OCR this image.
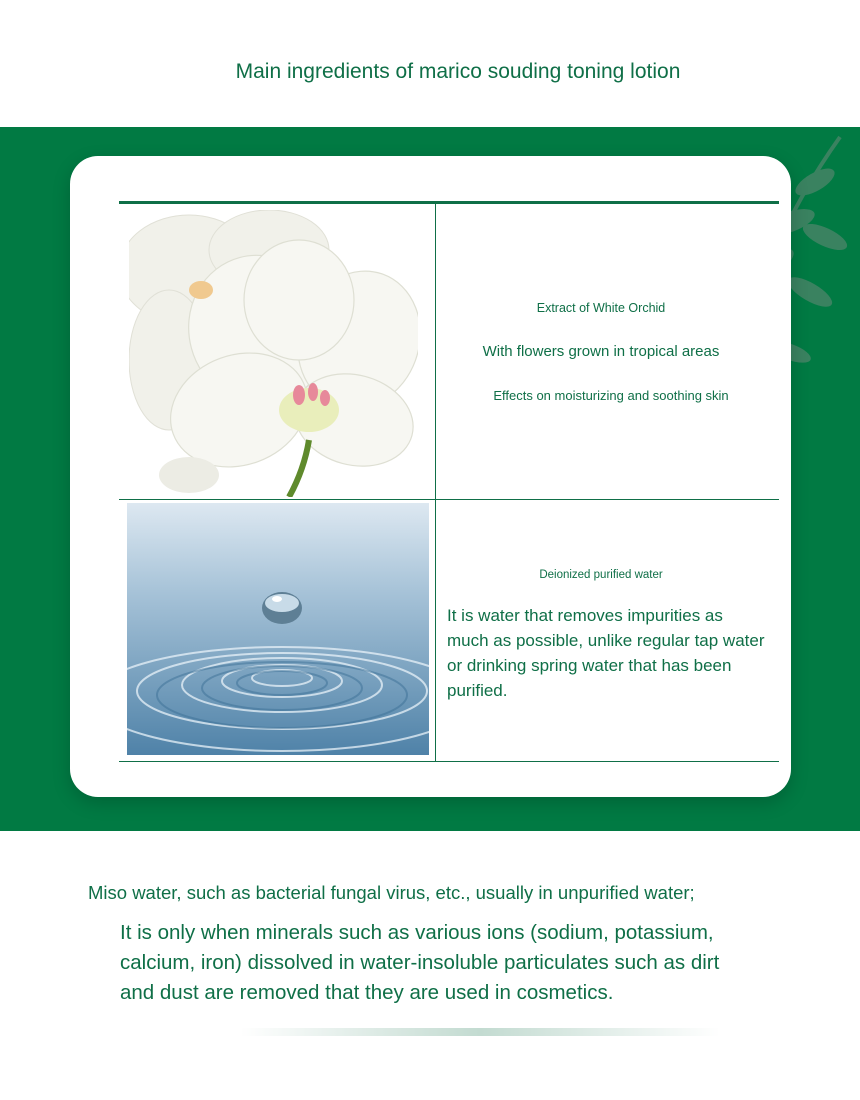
Main ingredients of marico souding toning lotion
Extract of White Orchid
With flowers grown in tropical areas
Effects on moisturizing and soothing skin
Deionized purified water
It is water that removes impurities as much as possible, unlike regular tap water or drinking spring water that has been purified.
Miso water, such as bacterial fungal virus, etc., usually in unpurified water;
It is only when minerals such as various ions (sodium, potassium, calcium, iron) dissolved in water-insoluble particulates such as dirt and dust are removed that they are used in cosmetics.
